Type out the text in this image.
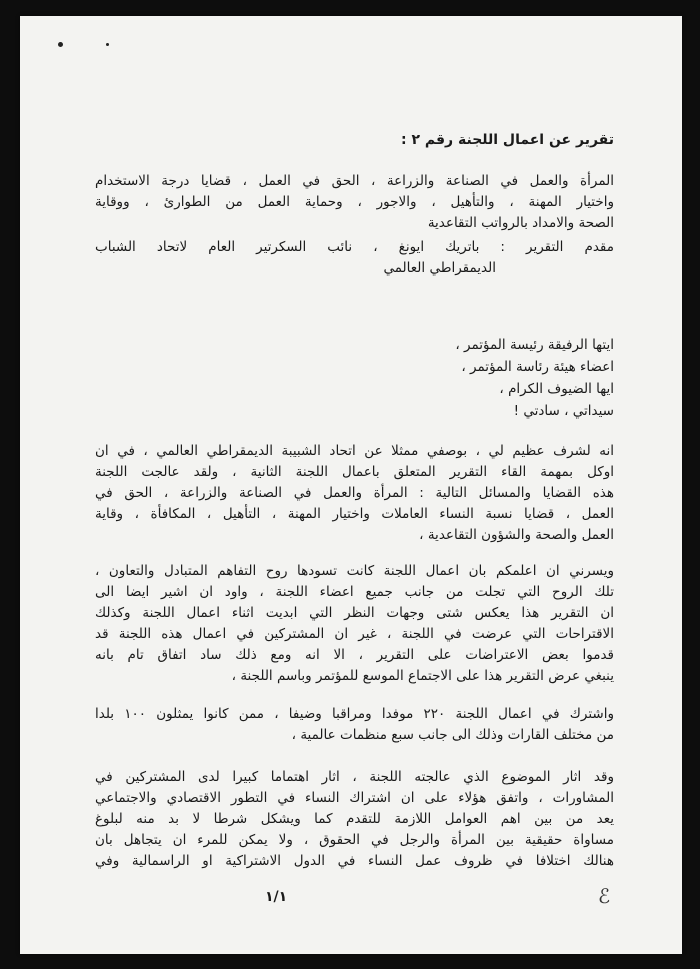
تقرير عن اعمال اللجنة رقم ٢ :
المرأة والعمل في الصناعة والزراعة ، الحق في العمل ، قضايا درجة الاستخدام
واختيار المهنة ، والتأهيل ، والاجور ، وحماية العمل من الطوارئ ، ووقاية
الصحة والامداد بالرواتب التقاعدية
مقدم التقرير : باتريك ايونغ ، نائب السكرتير العام لاتحاد الشباب
الديمقراطي العالمي
ايتها الرفيقة رئيسة المؤتمر ،
اعضاء هيئة رئاسة المؤتمر ،
ايها الضيوف الكرام ،
سيداتي ، سادتي !
انه لشرف عظيم لي ، بوصفي ممثلا عن اتحاد الشبيبة الديمقراطي العالمي ، في ان
اوكل بمهمة القاء التقرير المتعلق باعمال اللجنة الثانية ، ولقد عالجت اللجنة
هذه القضايا والمسائل التالية : المرأة والعمل في الصناعة والزراعة ، الحق في
العمل ، قضايا نسبة النساء العاملات واختيار المهنة ، التأهيل ، المكافأة ، وقاية
العمل والصحة والشؤون التقاعدية ،
ويسرني ان اعلمكم بان اعمال اللجنة كانت تسودها روح التفاهم المتبادل والتعاون ،
تلك الروح التي تجلت من جانب جميع اعضاء اللجنة ، واود ان اشير ايضا الى
ان التقرير هذا يعكس شتى وجهات النظر التي ابديت اثناء اعمال اللجنة وكذلك
الاقتراحات التي عرضت في اللجنة ، غير ان المشتركين في اعمال هذه اللجنة قد
قدموا بعض الاعتراضات على التقرير ، الا انه ومع ذلك ساد اتفاق تام بانه
ينبغي عرض التقرير هذا على الاجتماع الموسع للمؤتمر وباسم اللجنة ،
واشترك في اعمال اللجنة ٢٢٠ موفدا ومراقبا وضيفا ، ممن كانوا يمثلون ١٠٠ بلدا
من مختلف القارات وذلك الى جانب سبع منظمات عالمية ،
وقد اثار الموضوع الذي عالجته اللجنة ، اثار اهتماما كبيرا لدى المشتركين في
المشاورات ، واتفق هؤلاء على ان اشتراك النساء في التطور الاقتصادي والاجتماعي
يعد من بين اهم العوامل اللازمة للتقدم كما ويشكل شرطا لا بد منه لبلوغ
مساواة حقيقية بين المرأة والرجل في الحقوق ، ولا يمكن للمرء ان يتجاهل بان
هنالك اختلافا في ظروف عمل النساء في الدول الاشتراكية او الراسمالية وفي
١/١	ℰ
